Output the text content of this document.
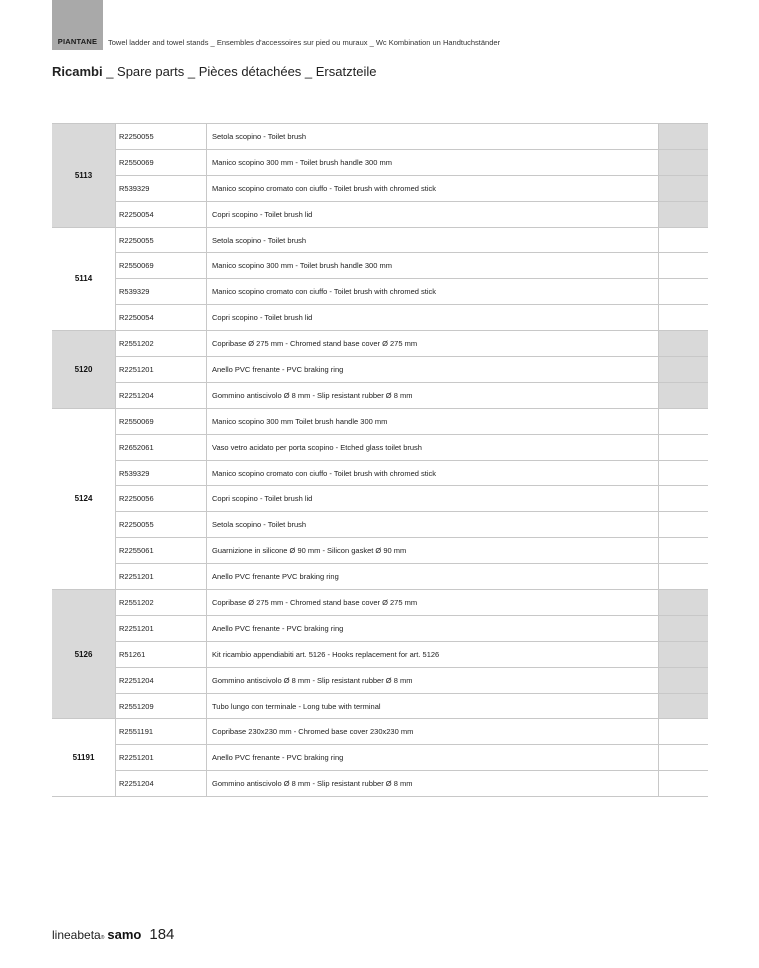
PIANTANE Towel ladder and towel stands _ Ensembles d'accessoires sur pied ou muraux _ Wc Kombination un Handtuchständer
Ricambi _ Spare parts _ Pièces détachées _ Ersatzteile
5113
R2250055	Setola scopino - Toilet brush
R2550069	Manico scopino 300 mm - Toilet brush handle 300 mm
R539329	Manico scopino cromato con ciuffo - Toilet brush with chromed stick
R2250054	Copri scopino - Toilet brush lid
5114
R2250055	Setola scopino - Toilet brush
R2550069	Manico scopino 300 mm - Toilet brush handle 300 mm
R539329	Manico scopino cromato con ciuffo - Toilet brush with chromed stick
R2250054	Copri scopino - Toilet brush lid
5120
R2551202	Copribase Ø 275 mm - Chromed stand base cover Ø 275 mm
R2251201	Anello PVC frenante - PVC braking ring
R2251204	Gommino antiscivolo Ø 8 mm - Slip resistant rubber Ø 8 mm
5124
R2550069	Manico scopino 300 mm Toilet brush handle 300 mm
R2652061	Vaso vetro acidato per porta scopino - Etched glass toilet brush
R539329	Manico scopino cromato con ciuffo - Toilet brush with chromed stick
R2250056	Copri scopino - Toilet brush lid
R2250055	Setola scopino - Toilet brush
R2255061	Guarnizione in silicone Ø 90 mm - Silicon gasket Ø 90 mm
R2251201	Anello PVC frenante PVC braking ring
5126
R2551202	Copribase Ø 275 mm - Chromed stand base cover Ø 275 mm
R2251201	Anello PVC frenante - PVC braking ring
R51261	Kit ricambio appendiabiti art. 5126 - Hooks replacement for art. 5126
R2251204	Gommino antiscivolo Ø 8 mm - Slip resistant rubber Ø 8 mm
R2551209	Tubo lungo con terminale - Long tube with terminal
51191
R2551191	Copribase 230x230 mm - Chromed base cover 230x230 mm
R2251201	Anello PVC frenante - PVC braking ring
R2251204	Gommino antiscivolo Ø 8 mm - Slip resistant rubber Ø 8 mm
lineabeta ® samo 184
